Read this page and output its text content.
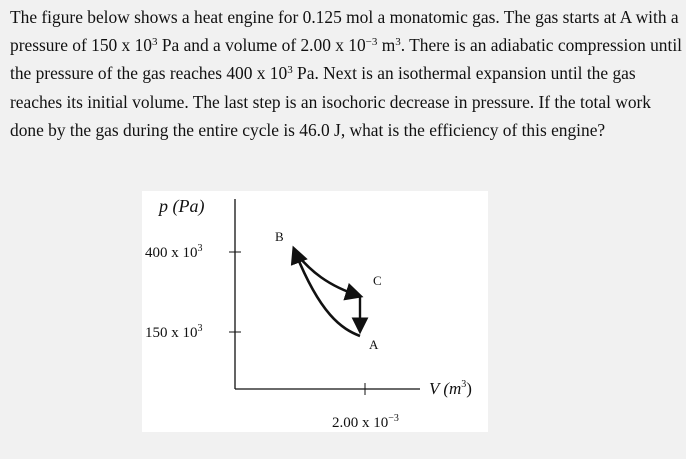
The figure below shows a heat engine for 0.125 mol a monatomic gas. The gas starts at A with a pressure of 150 x $10^3$ Pa and a volume of 2.00 x $10^{-3}$ $m^3$. There is an adiabatic compression until the pressure of the gas reaches 400 x $10^3$ Pa. Next is an isothermal expansion until the gas reaches its initial volume. The last step is an isochoric decrease in pressure. If the total work done by the gas during the entire cycle is 46.0 J, what is the efficiency of this engine?

p (Pa)
V $(m^3)$
400 x $10^3$
150 x $10^3$
2.00 x $10^{-3}$
B
C
A
